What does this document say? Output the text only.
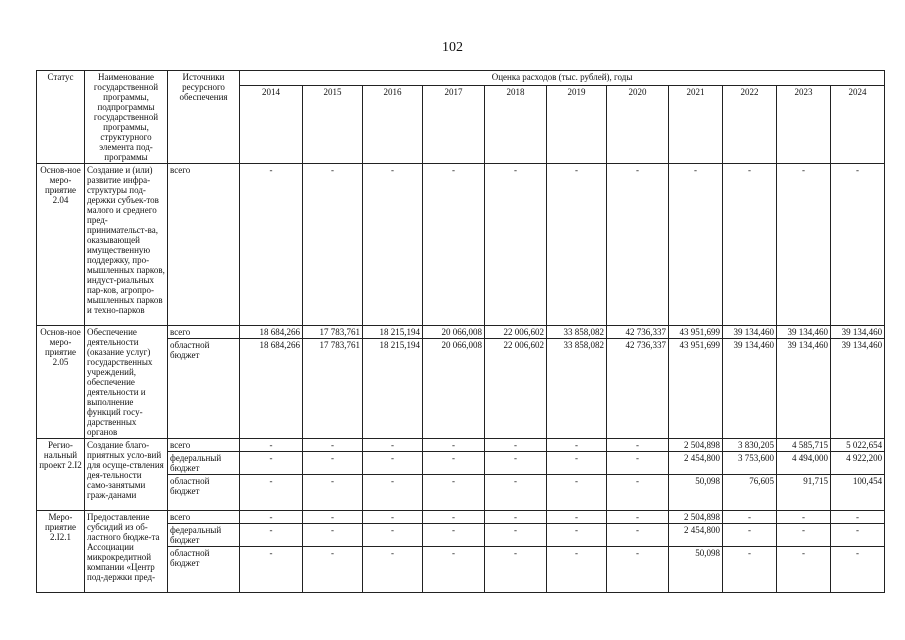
102
Статус	Наименование государственной программы, подпрограммы государственной программы, структурного элемента под-программы	Источники ресурсного обеспечения	Оценка расходов (тыс. рублей), годы										
			2014	2015	2016	2017	2018	2019	2020	2021	2022	2023	2024
Основ-ное меро-приятие 2.04	Создание и (или) развитие инфра-структуры под-держки субъек-тов малого и среднего пред-принимательст-ва, оказывающей имущественную поддержку, про-мышленных парков, индуст-риальных пар-ков, агропро-мышленных парков и техно-парков	всего	-	-	-	-	-	-	-	-	-	-	-
Основ-ное меро-приятие 2.05	Обеспечение деятельности (оказание услуг) государственных учреждений, обеспечение деятельности и выполнение функций госу-дарственных органов	всего	18 684,266	17 783,761	18 215,194	20 066,008	22 006,602	33 858,082	42 736,337	43 951,699	39 134,460	39 134,460	39 134,460
		областной бюджет	18 684,266	17 783,761	18 215,194	20 066,008	22 006,602	33 858,082	42 736,337	43 951,699	39 134,460	39 134,460	39 134,460
Регио-нальный проект 2.I2	Создание благо-приятных усло-вий для осуще-ствления дея-тельности само-занятыми граж-данами	всего	-	-	-	-	-	-	-	2 504,898	3 830,205	4 585,715	5 022,654
		федеральный бюджет	-	-	-	-	-	-	-	2 454,800	3 753,600	4 494,000	4 922,200
		областной бюджет	-	-	-	-	-	-	-	50,098	76,605	91,715	100,454
Меро-приятие 2.I2.1	Предоставление субсидий из об-ластного бюдже-та Ассоциации микрокредитной компании «Центр под-держки пред-	всего	-	-	-	-	-	-	-	2 504,898	-	-	-
		федеральный бюджет	-	-	-	-	-	-	-	2 454,800	-	-	-
		областной бюджет	-	-	-	-	-	-	-	50,098	-	-	-
